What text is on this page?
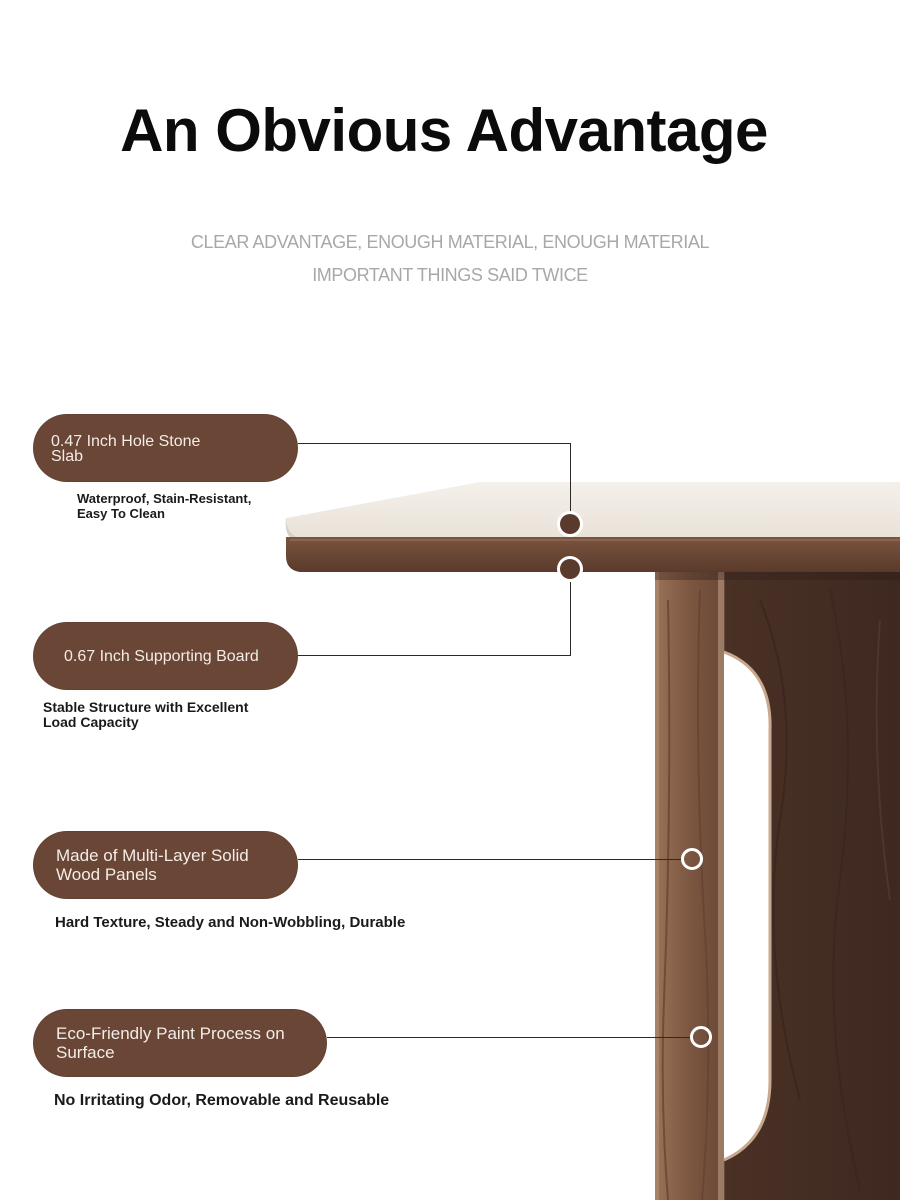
An Obvious Advantage
CLEAR ADVANTAGE, ENOUGH MATERIAL, ENOUGH MATERIAL
IMPORTANT THINGS SAID TWICE
0.47 Inch Hole Stone
Slab
Waterproof, Stain-Resistant,
Easy To Clean
0.67 Inch Supporting Board
Stable Structure with Excellent
Load Capacity
Made of Multi-Layer Solid
Wood Panels
Hard Texture, Steady and Non-Wobbling, Durable
Eco-Friendly Paint Process on
Surface
No Irritating Odor, Removable and Reusable
